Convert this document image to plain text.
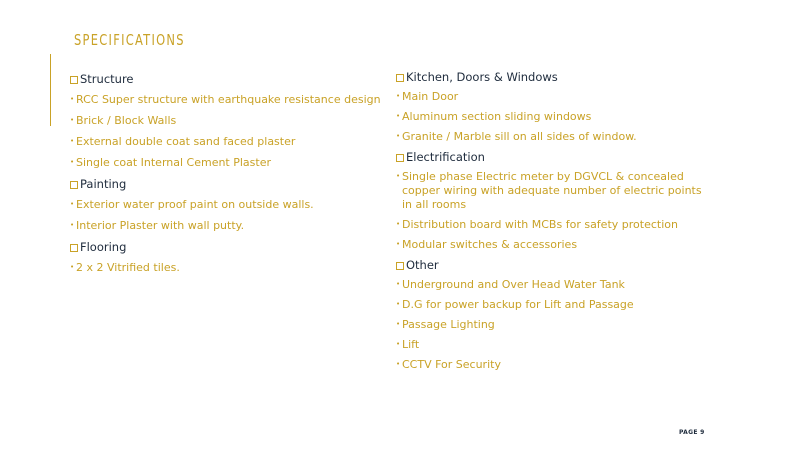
SPECIFICATIONS
Structure
• RCC Super structure with earthquake resistance design
• Brick / Block Walls
• External double coat sand faced plaster
• Single coat Internal Cement Plaster
Painting
• Exterior water proof paint on outside walls.
• Interior Plaster with wall putty.
Flooring
• 2 x 2 Vitrified tiles.
Kitchen, Doors & Windows
• Main Door
• Aluminum section sliding windows
• Granite / Marble sill on all sides of window.
Electrification
• Single phase Electric meter by DGVCL & concealed copper wiring with adequate number of electric points in all rooms
• Distribution board with MCBs for safety protection
• Modular switches & accessories
Other
• Underground and Over Head Water Tank
• D.G for power backup for Lift and Passage
• Passage Lighting
• Lift
• CCTV For Security
PAGE 9
